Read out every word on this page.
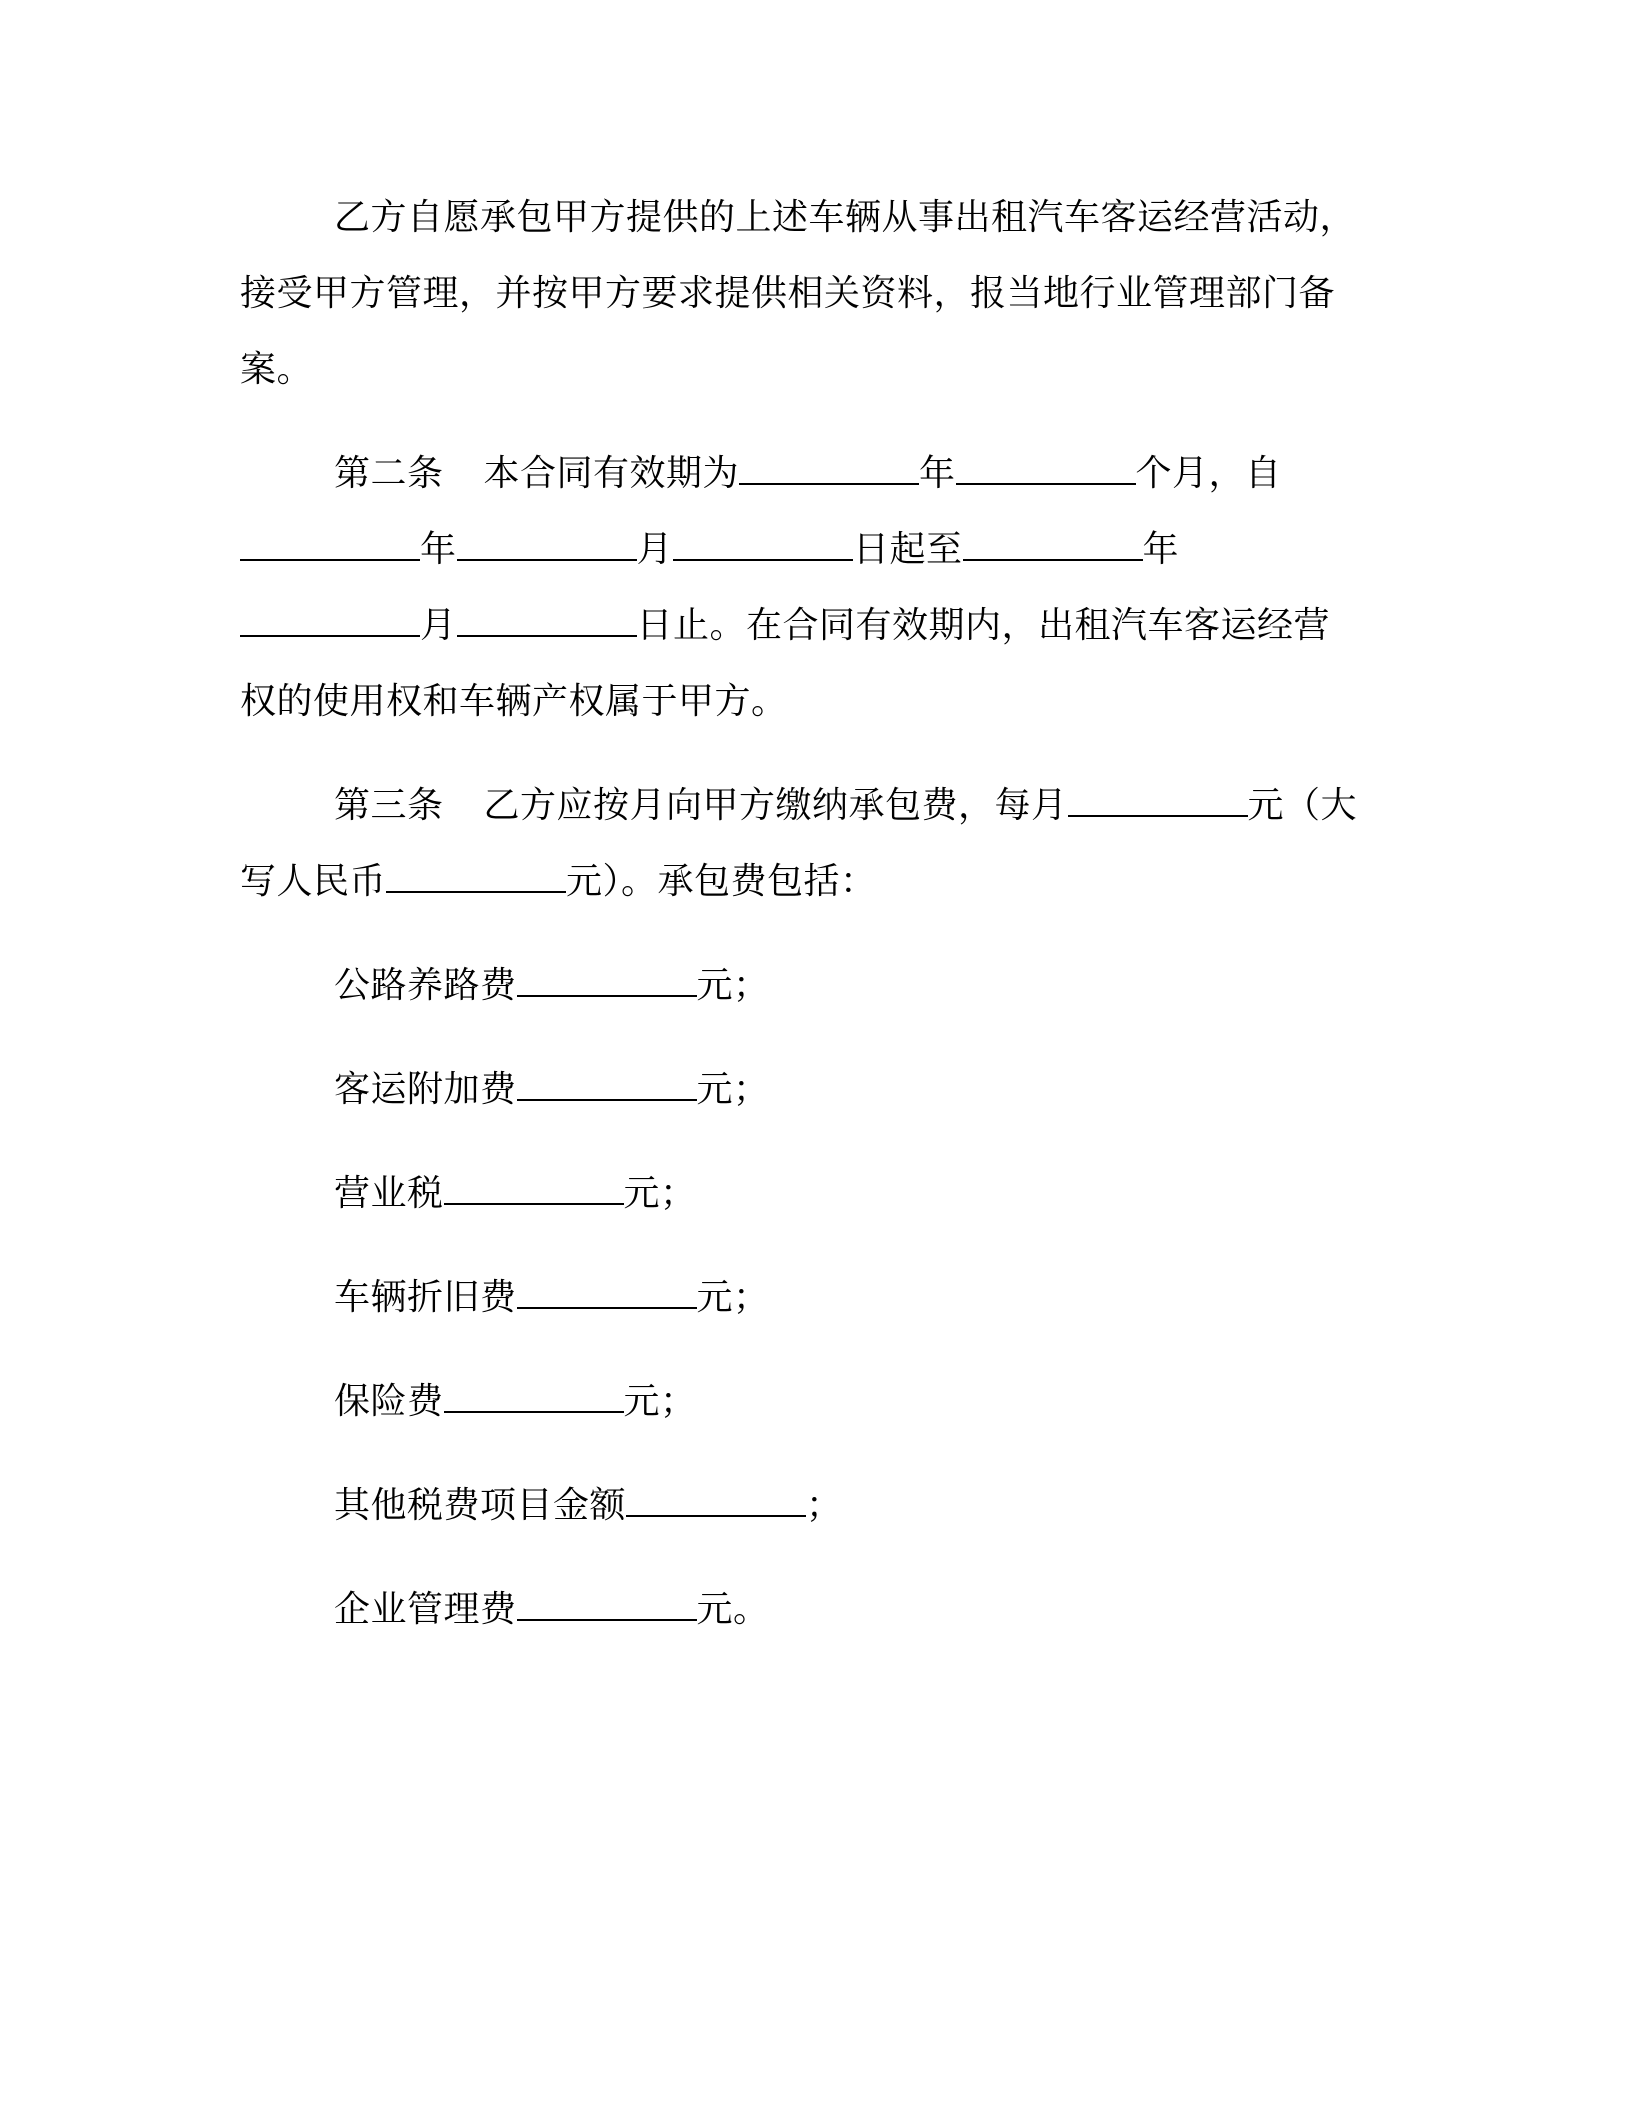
乙方自愿承包甲方提供的上述车辆从事出租汽车客运经营活动，
接受甲方管理，并按甲方要求提供相关资料，报当地行业管理部门备
案。
第二条 本合同有效期为	年	个月，自
年	月	日起至	年
月	日止。在合同有效期内，出租汽车客运经营
权的使用权和车辆产权属于甲方。
第三条 乙方应按月向甲方缴纳承包费，每月	元（大
写人民币	元）。承包费包括：
公路养路费	元；
客运附加费	元；
营业税	元；
车辆折旧费	元；
保险费	元；
其他税费项目金额	；
企业管理费	元。
